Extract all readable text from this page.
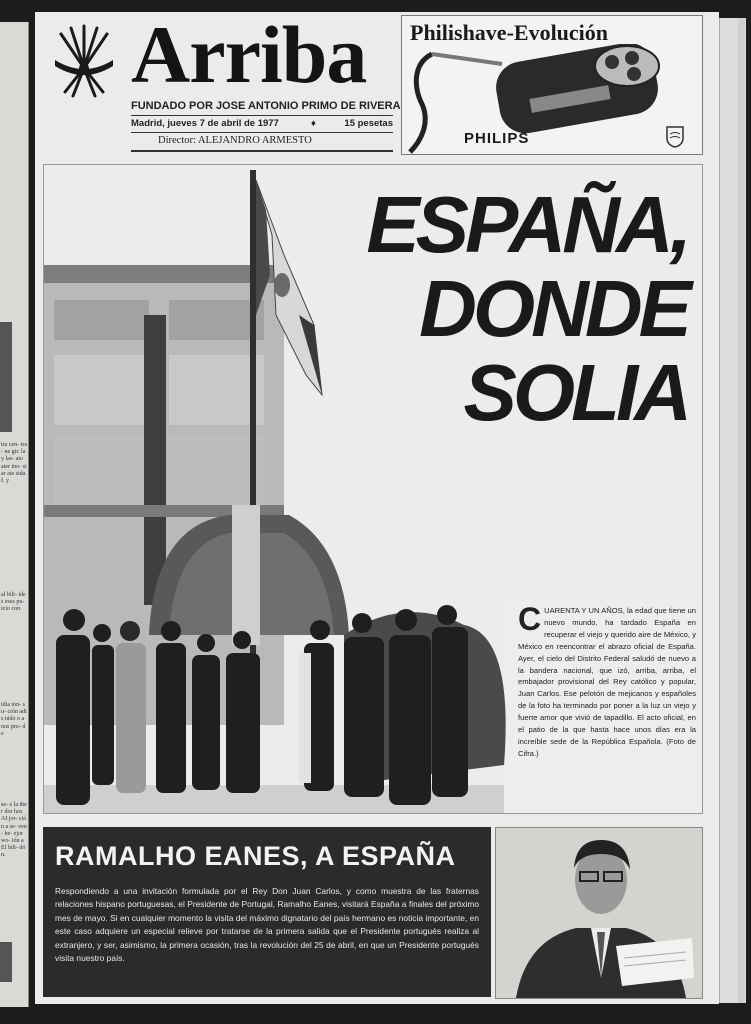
tra cen- tra- ne gir. la y las- ato ater ino- siar ate sida f. y
al bili- ides eses pu- icio con
idia ion- su- ción adis nido o a nos pro- de
se- e la ther dor hos AI jor- ción a se- ven- be- ejor wo- ión a El bili- dón.
Arriba
FUNDADO POR JOSE ANTONIO PRIMO DE RIVERA
Madrid, jueves 7 de abril de 1977	♦	15 pesetas
Director: ALEJANDRO ARMESTO
Philishave-Evolución
PHILIPS
ESPAÑA,
DONDE
SOLIA
C UARENTA Y UN AÑOS, la edad que tiene un nuevo mundo, ha tardado España en recuperar el viejo y querido aire de México, y México en reencontrar el abrazo oficial de España. Ayer, el cielo del Distrito Federal saludó de nuevo a la bandera nacional, que izó, arriba, arriba, el embajador provisional del Rey católico y popular, Juan Carlos. Ese pelotón de mejicanos y españoles de la foto ha terminado por poner a la luz un viejo y fuerte amor que vivió de tapadillo. El acto oficial, en el patio de la que hasta hace unos días era la increíble sede de la República Española. (Foto de Cifra.)
RAMALHO EANES, A ESPAÑA
Respondiendo a una invitación formulada por el Rey Don Juan Carlos, y como muestra de las fraternas relaciones hispano portuguesas, el Presidente de Portugal, Ramalho Eanes, visitará España a finales del próximo mes de mayo. Si en cualquier momento la visita del máximo dignatario del país hermano es noticia importante, en este caso adquiere un especial relieve por tratarse de la primera salida que el Presidente portugués realiza al extranjero, y ser, asimismo, la primera ocasión, tras la revolución del 25 de abril, en que un Presidente portugués visita nuestro país.
